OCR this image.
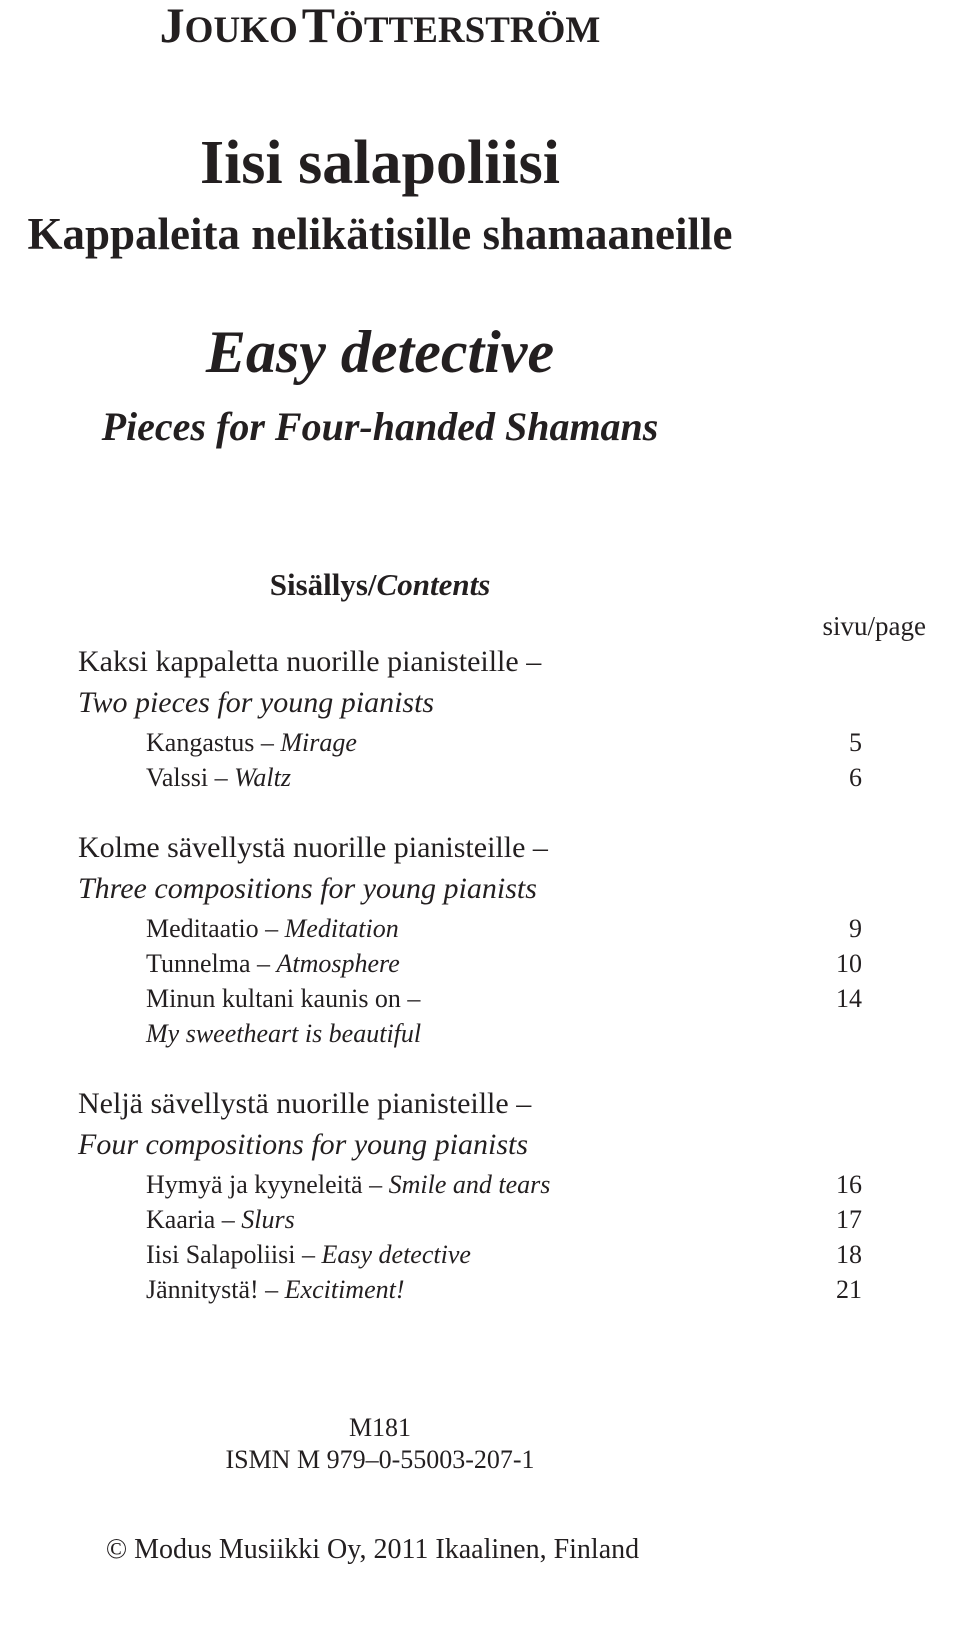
JOUKO TÖTTERSTRÖM
Iisi salapoliisi
Kappaleita nelikätisille shamaaneille
Easy detective
Pieces for Four-handed Shamans
Sisällys/Contents
sivu/page
Kaksi kappaletta nuorille pianisteille –
Two pieces for young pianists
Kangastus – Mirage	5
Valssi – Waltz	6
Kolme sävellystä nuorille pianisteille –
Three compositions for young pianists
Meditaatio – Meditation	9
Tunnelma – Atmosphere	10
Minun kultani kaunis on –	14
My sweetheart is beautiful
Neljä sävellystä nuorille pianisteille –
Four compositions for young pianists
Hymyä ja kyyneleitä – Smile and tears	16
Kaaria – Slurs	17
Iisi Salapoliisi – Easy detective	18
Jännitystä! – Excitiment!	21
M181
ISMN M 979–0-55003-207-1
© Modus Musiikki Oy, 2011 Ikaalinen, Finland
